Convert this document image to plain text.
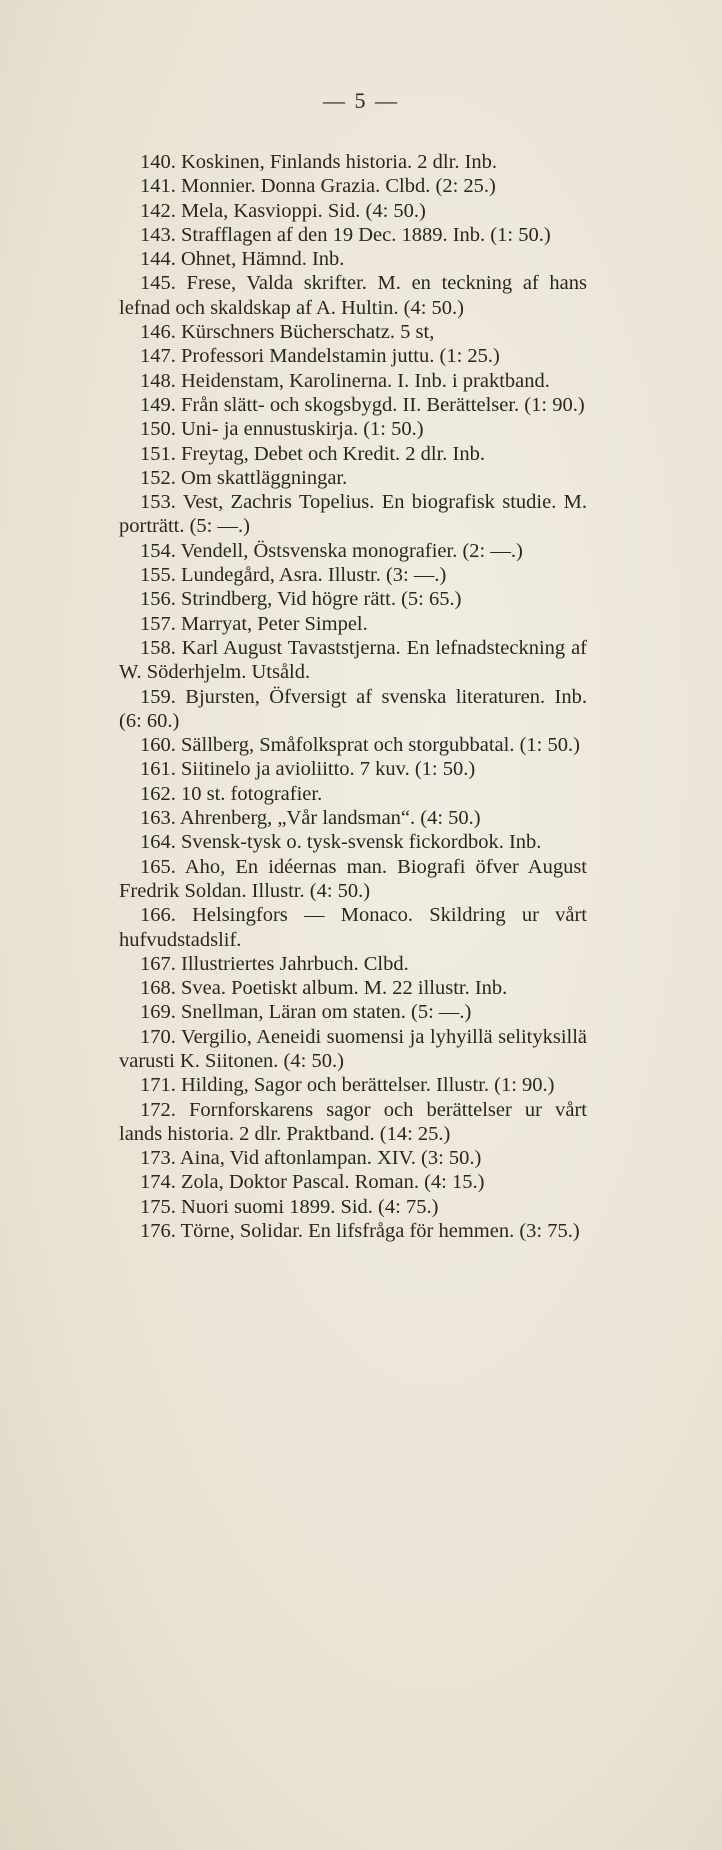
— 5 —

140. Koskinen, Finlands historia. 2 dlr. Inb.

141. Monnier. Donna Grazia. Clbd. (2: 25.)

142. Mela, Kasvioppi. Sid. (4: 50.)

143. Strafflagen af den 19 Dec. 1889. Inb. (1: 50.)

144. Ohnet, Hämnd. Inb.

145. Frese, Valda skrifter. M. en teckning af hans lefnad och skaldskap af A. Hultin. (4: 50.)

146. Kürschners Bücherschatz. 5 st,

147. Professori Mandelstamin juttu. (1: 25.)

148. Heidenstam, Karolinerna. I. Inb. i praktband.

149. Från slätt- och skogsbygd. II. Berättelser. (1: 90.)

150. Uni- ja ennustuskirja. (1: 50.)

151. Freytag, Debet och Kredit. 2 dlr. Inb.

152. Om skattläggningar.

153. Vest, Zachris Topelius. En biografisk studie. M. porträtt. (5: —.)

154. Vendell, Östsvenska monografier. (2: —.)

155. Lundegård, Asra. Illustr. (3: —.)

156. Strindberg, Vid högre rätt. (5: 65.)

157. Marryat, Peter Simpel.

158. Karl August Tavaststjerna. En lefnadsteckning af W. Söderhjelm. Utsåld.

159. Bjursten, Öfversigt af svenska literaturen. Inb. (6: 60.)

160. Sällberg, Småfolksprat och storgubbatal. (1: 50.)

161. Siitinelo ja avioliitto. 7 kuv. (1: 50.)

162. 10 st. fotografier.

163. Ahrenberg, „Vår landsman“. (4: 50.)

164. Svensk-tysk o. tysk-svensk fickordbok. Inb.

165. Aho, En idéernas man. Biografi öfver August Fredrik Soldan. Illustr. (4: 50.)

166. Helsingfors — Monaco. Skildring ur vårt hufvudstadslif.

167. Illustriertes Jahrbuch. Clbd.

168. Svea. Poetiskt album. M. 22 illustr. Inb.

169. Snellman, Läran om staten. (5: —.)

170. Vergilio, Aeneidi suomensi ja lyhyillä selityksillä varusti K. Siitonen. (4: 50.)

171. Hilding, Sagor och berättelser. Illustr. (1: 90.)

172. Fornforskarens sagor och berättelser ur vårt lands historia. 2 dlr. Praktband. (14: 25.)

173. Aina, Vid aftonlampan. XIV. (3: 50.)

174. Zola, Doktor Pascal. Roman. (4: 15.)

175. Nuori suomi 1899. Sid. (4: 75.)

176. Törne, Solidar. En lifsfråga för hemmen. (3: 75.)
